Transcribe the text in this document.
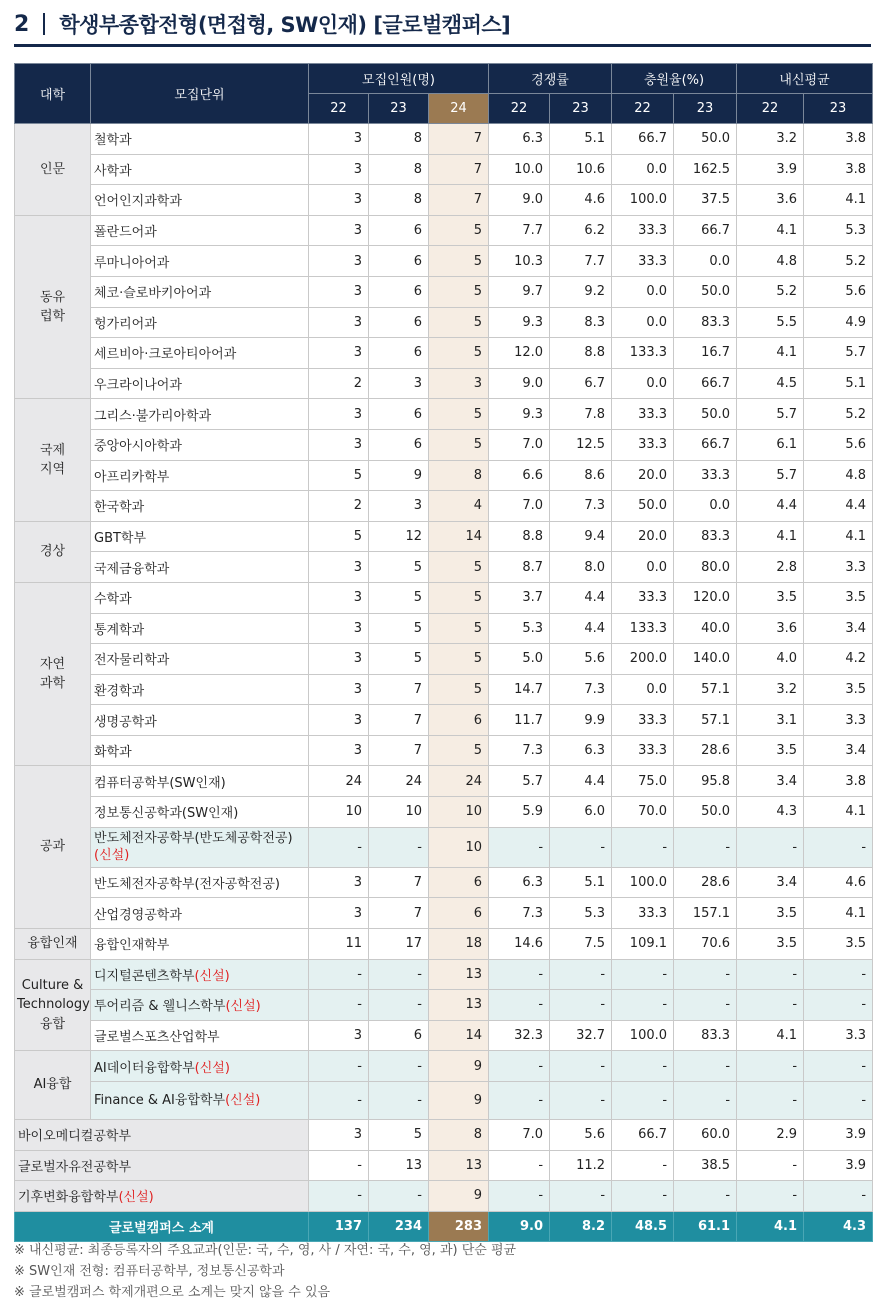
2 학생부종합전형(면접형, SW인재) [글로벌캠퍼스]
대학	모집단위	모집인원(명)			경쟁률		충원율(%)		내신평균	
		22	23	24	22	23	22	23	22	23
인문	철학과	3	8	7	6.3	5.1	66.7	50.0	3.2	3.8
	사학과	3	8	7	10.0	10.6	0.0	162.5	3.9	3.8
	언어인지과학과	3	8	7	9.0	4.6	100.0	37.5	3.6	4.1

동유
럽학	폴란드어과	3	6	5	7.7	6.2	33.3	66.7	4.1	5.3
	루마니아어과	3	6	5	10.3	7.7	33.3	0.0	4.8	5.2
	체코·슬로바키아어과	3	6	5	9.7	9.2	0.0	50.0	5.2	5.6
	헝가리어과	3	6	5	9.3	8.3	0.0	83.3	5.5	4.9
	세르비아·크로아티아어과	3	6	5	12.0	8.8	133.3	16.7	4.1	5.7
	우크라이나어과	2	3	3	9.0	6.7	0.0	66.7	4.5	5.1

국제
지역	그리스·불가리아학과	3	6	5	9.3	7.8	33.3	50.0	5.7	5.2
	중앙아시아학과	3	6	5	7.0	12.5	33.3	66.7	6.1	5.6
	아프리카학부	5	9	8	6.6	8.6	20.0	33.3	5.7	4.8
	한국학과	2	3	4	7.0	7.3	50.0	0.0	4.4	4.4
경상	GBT학부	5	12	14	8.8	9.4	20.0	83.3	4.1	4.1
	국제금융학과	3	5	5	8.7	8.0	0.0	80.0	2.8	3.3

자연
과학	수학과	3	5	5	3.7	4.4	33.3	120.0	3.5	3.5
	통계학과	3	5	5	5.3	4.4	133.3	40.0	3.6	3.4
	전자물리학과	3	5	5	5.0	5.6	200.0	140.0	4.0	4.2
	환경학과	3	7	5	14.7	7.3	0.0	57.1	3.2	3.5
	생명공학과	3	7	6	11.7	9.9	33.3	57.1	3.1	3.3
	화학과	3	7	5	7.3	6.3	33.3	28.6	3.5	3.4
공과	컴퓨터공학부(SW인재)	24	24	24	5.7	4.4	75.0	95.8	3.4	3.8
	정보통신공학과(SW인재)	10	10	10	5.9	6.0	70.0	50.0	4.3	4.1
	반도체전자공학부(반도체공학전공)(신설)	-	-	10	-	-	-	-	-	-
	반도체전자공학부(전자공학전공)	3	7	6	6.3	5.1	100.0	28.6	3.4	4.6
	산업경영공학과	3	7	6	7.3	5.3	33.3	157.1	3.5	4.1
융합인재	융합인재학부	11	17	18	14.6	7.5	109.1	70.6	3.5	3.5

Culture &
Technology
융합	디지털콘텐츠학부(신설)	-	-	13	-	-	-	-	-	-
	투어리즘 & 웰니스학부(신설)	-	-	13	-	-	-	-	-	-
	글로벌스포츠산업학부	3	6	14	32.3	32.7	100.0	83.3	4.1	3.3
AI융합	AI데이터융합학부(신설)	-	-	9	-	-	-	-	-	-
	Finance & AI융합학부(신설)	-	-	9	-	-	-	-	-	-
바이오메디컬공학부		3	5	8	7.0	5.6	66.7	60.0	2.9	3.9
글로벌자유전공학부		-	13	13	-	11.2	-	38.5	-	3.9
기후변화융합학부(신설)		-	-	9	-	-	-	-	-	-
글로벌캠퍼스 소계		137	234	283	9.0	8.2	48.5	61.1	4.1	4.3
※ 내신평균: 최종등록자의 주요교과(인문: 국, 수, 영, 사 / 자연: 국, 수, 영, 과) 단순 평균
※ SW인재 전형: 컴퓨터공학부, 정보통신공학과
※ 글로벌캠퍼스 학제개편으로 소계는 맞지 않을 수 있음
